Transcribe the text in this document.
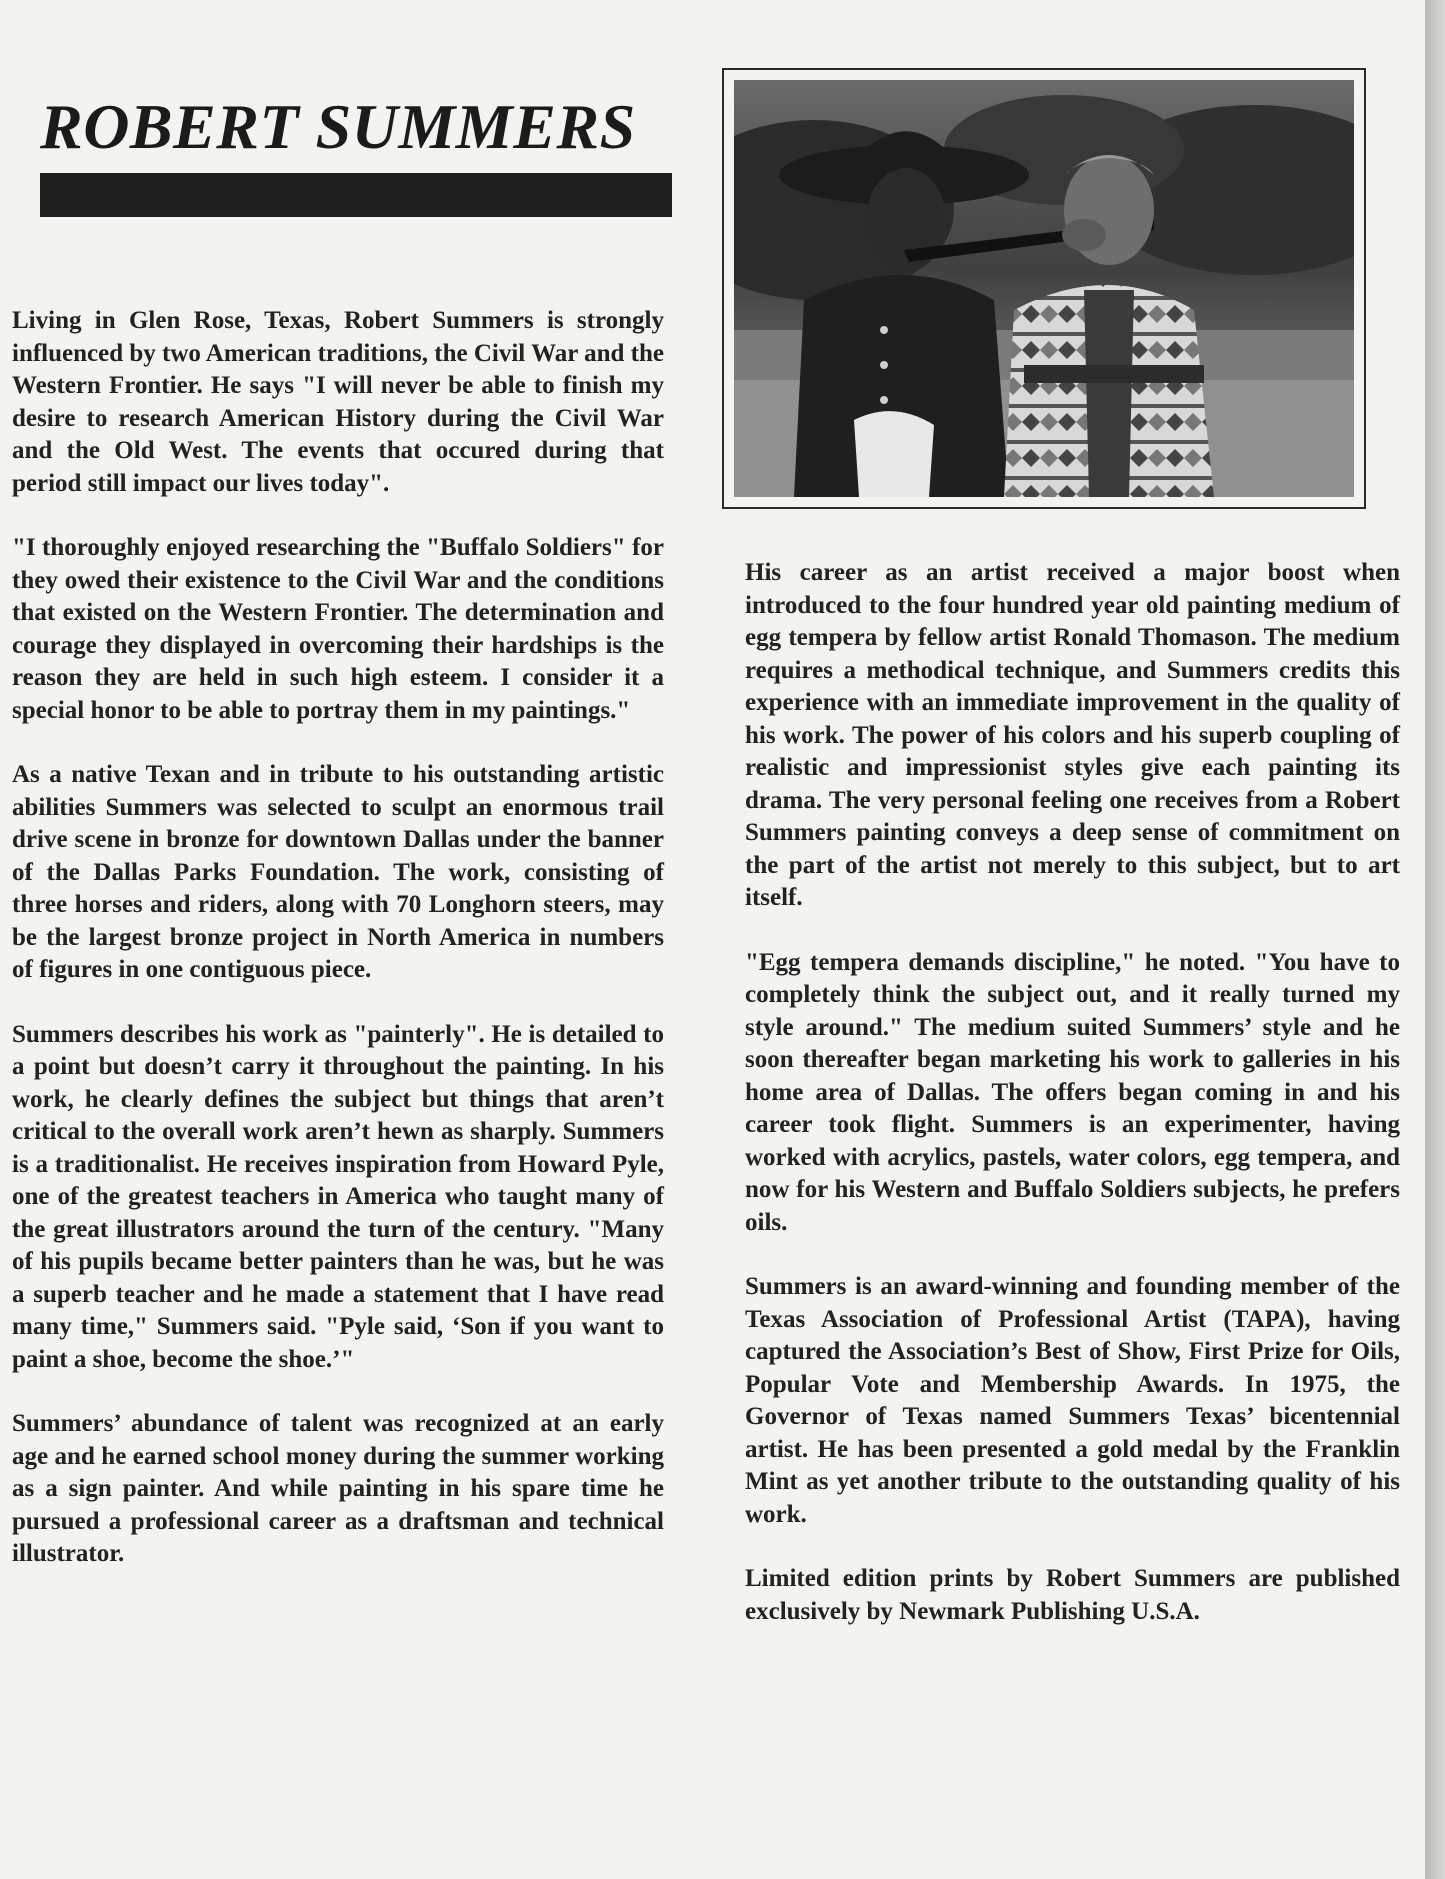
ROBERT SUMMERS

Living in Glen Rose, Texas, Robert Summers is strongly influenced by two American traditions, the Civil War and the Western Frontier. He says "I will never be able to finish my desire to research American History during the Civil War and the Old West. The events that occured during that period still impact our lives today".

"I thoroughly enjoyed researching the "Buffalo Soldiers" for they owed their existence to the Civil War and the conditions that existed on the Western Frontier. The determination and courage they displayed in overcoming their hardships is the reason they are held in such high esteem. I consider it a special honor to be able to portray them in my paintings."

As a native Texan and in tribute to his outstanding artistic abilities Summers was selected to sculpt an enormous trail drive scene in bronze for downtown Dallas under the banner of the Dallas Parks Foundation. The work, consisting of three horses and riders, along with 70 Longhorn steers, may be the largest bronze project in North America in numbers of figures in one contiguous piece.

Summers describes his work as "painterly". He is detailed to a point but doesn’t carry it throughout the painting. In his work, he clearly defines the subject but things that aren’t critical to the overall work aren’t hewn as sharply. Summers is a traditionalist. He receives inspiration from Howard Pyle, one of the greatest teachers in America who taught many of the great illustrators around the turn of the century. "Many of his pupils became better painters than he was, but he was a superb teacher and he made a statement that I have read many time," Summers said. "Pyle said, ‘Son if you want to paint a shoe, become the shoe.’"

Summers’ abundance of talent was recognized at an early age and he earned school money during the summer working as a sign painter. And while painting in his spare time he pursued a professional career as a draftsman and technical illustrator.

His career as an artist received a major boost when introduced to the four hundred year old painting medium of egg tempera by fellow artist Ronald Thomason. The medium requires a methodical technique, and Summers credits this experience with an immediate improvement in the quality of his work. The power of his colors and his superb coupling of realistic and impressionist styles give each painting its drama. The very personal feeling one receives from a Robert Summers painting conveys a deep sense of commitment on the part of the artist not merely to this subject, but to art itself.

"Egg tempera demands discipline," he noted. "You have to completely think the subject out, and it really turned my style around." The medium suited Summers’ style and he soon thereafter began marketing his work to galleries in his home area of Dallas. The offers began coming in and his career took flight. Summers is an experimenter, having worked with acrylics, pastels, water colors, egg tempera, and now for his Western and Buffalo Soldiers subjects, he prefers oils.

Summers is an award-winning and founding member of the Texas Association of Professional Artist (TAPA), having captured the Association’s Best of Show, First Prize for Oils, Popular Vote and Membership Awards. In 1975, the Governor of Texas named Summers Texas’ bicentennial artist. He has been presented a gold medal by the Franklin Mint as yet another tribute to the outstanding quality of his work.

Limited edition prints by Robert Summers are published exclusively by Newmark Publishing U.S.A.
